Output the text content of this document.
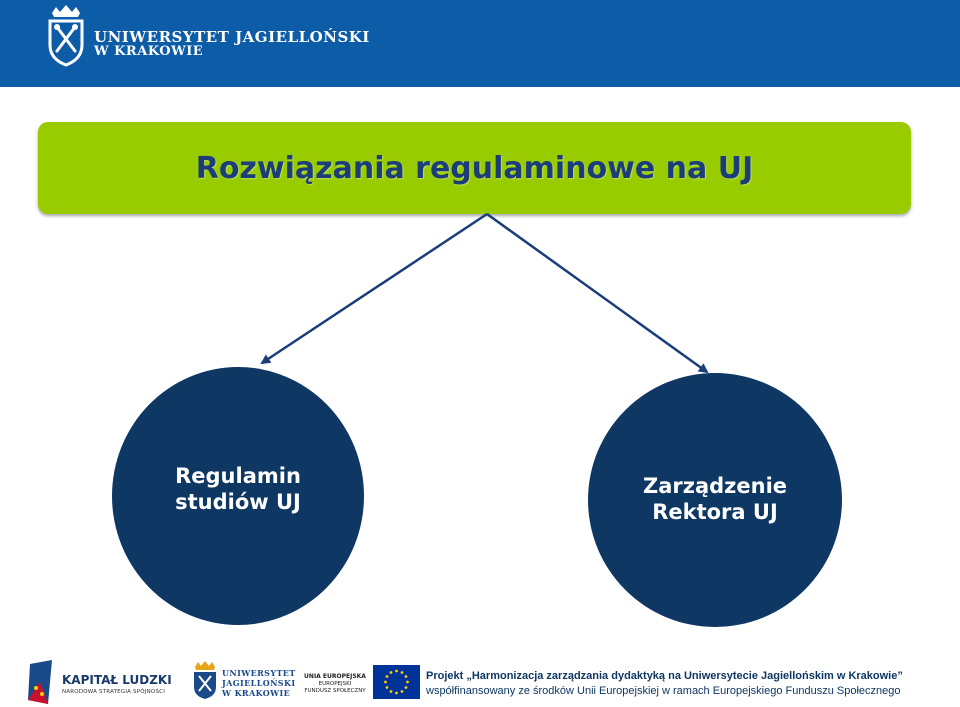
UNIWERSYTET JAGIELLOŃSKI
W KRAKOWIE
Rozwiązania regulaminowe na UJ
Regulamin
studiów UJ
Zarządzenie
Rektora UJ
KAPITAŁ LUDZKI
NARODOWA STRATEGIA SPÓJNOŚCI
UNIWERSYTET
JAGIELLOŃSKI
W KRAKOWIE
UNIA EUROPEJSKA
EUROPEJSKI
FUNDUSZ SPOŁECZNY
Projekt „Harmonizacja zarządzania dydaktyką na Uniwersytecie Jagiellońskim w Krakowie”
współfinansowany ze środków Unii Europejskiej w ramach Europejskiego Funduszu Społecznego
